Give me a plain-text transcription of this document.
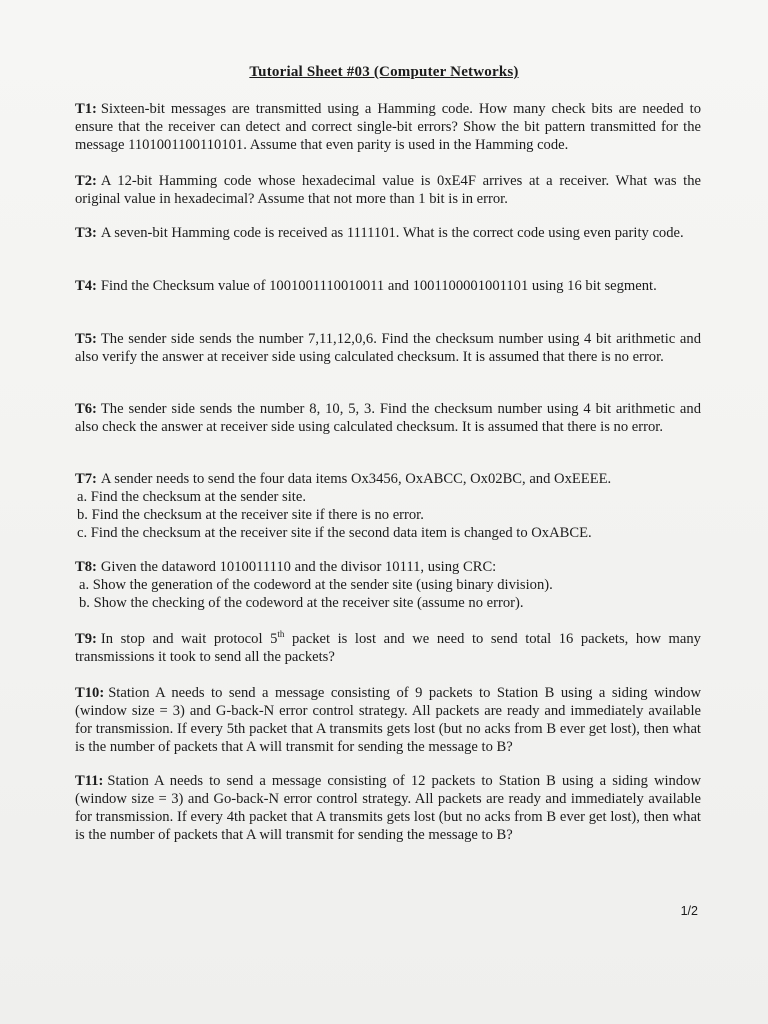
Tutorial Sheet #03 (Computer Networks)
T1: Sixteen-bit messages are transmitted using a Hamming code. How many check bits are needed to ensure that the receiver can detect and correct single-bit errors? Show the bit pattern transmitted for the message 1101001100110101. Assume that even parity is used in the Hamming code.
T2: A 12-bit Hamming code whose hexadecimal value is 0xE4F arrives at a receiver. What was the original value in hexadecimal? Assume that not more than 1 bit is in error.
T3: A seven-bit Hamming code is received as 1111101. What is the correct code using even parity code.
T4: Find the Checksum value of 1001001110010011 and 1001100001001101 using 16 bit segment.
T5: The sender side sends the number 7,11,12,0,6. Find the checksum number using 4 bit arithmetic and also verify the answer at receiver side using calculated checksum. It is assumed that there is no error.
T6: The sender side sends the number 8, 10, 5, 3. Find the checksum number using 4 bit arithmetic and also check the answer at receiver side using calculated checksum. It is assumed that there is no error.
T7: A sender needs to send the four data items Ox3456, OxABCC, Ox02BC, and OxEEEE.
a. Find the checksum at the sender site.
b. Find the checksum at the receiver site if there is no error.
c. Find the checksum at the receiver site if the second data item is changed to OxABCE.
T8: Given the dataword 1010011110 and the divisor 10111, using CRC:
a. Show the generation of the codeword at the sender site (using binary division).
b. Show the checking of the codeword at the receiver site (assume no error).
T9: In stop and wait protocol 5th packet is lost and we need to send total 16 packets, how many transmissions it took to send all the packets?
T10: Station A needs to send a message consisting of 9 packets to Station B using a siding window (window size = 3) and G-back-N error control strategy. All packets are ready and immediately available for transmission. If every 5th packet that A transmits gets lost (but no acks from B ever get lost), then what is the number of packets that A will transmit for sending the message to B?
T11: Station A needs to send a message consisting of 12 packets to Station B using a siding window (window size = 3) and Go-back-N error control strategy. All packets are ready and immediately available for transmission. If every 4th packet that A transmits gets lost (but no acks from B ever get lost), then what is the number of packets that A will transmit for sending the message to B?
1/2
